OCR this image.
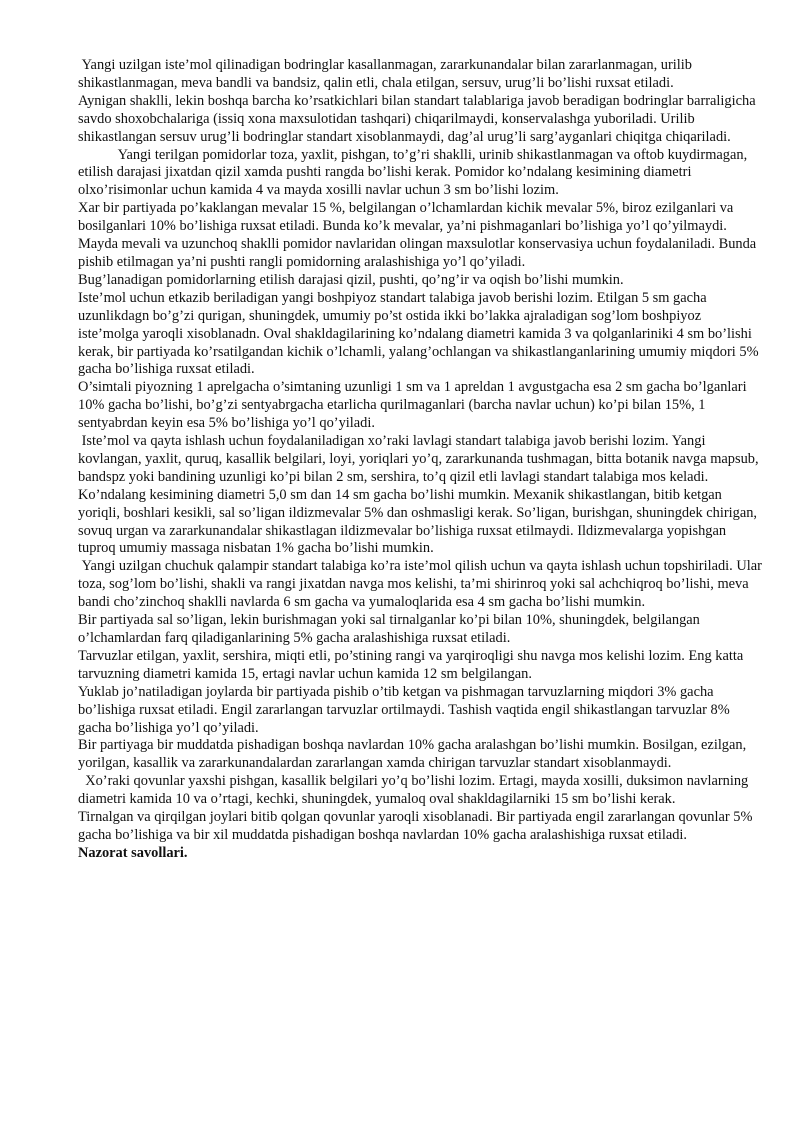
Yangi uzilgan iste’mol qilinadigan bodringlar kasallanmagan, zararkunandalar bilan zararlanmagan, urilib shikastlanmagan, meva bandli va bandsiz, qalin etli, chala etilgan, sersuv, urug’li bo’lishi ruxsat etiladi.

Aynigan shaklli, lekin boshqa barcha ko’rsatkichlari bilan standart talablariga javob beradigan bodringlar barraligicha savdo shoxobchalariga (issiq xona maxsulotidan tashqari) chiqarilmaydi, konservalashga yuboriladi. Urilib shikastlangan sersuv urug’li bodringlar standart xisoblanmaydi, dag’al urug’li sarg’ayganlari chiqitga chiqariladi.

Yangi terilgan pomidorlar toza, yaxlit, pishgan, to’g’ri shaklli, urinib shikastlanmagan va oftob kuydirmagan, etilish darajasi jixatdan qizil xamda pushti rangda bo’lishi kerak. Pomidor ko’ndalang kesimining diametri olxo’risimonlar uchun kamida 4 va mayda xosilli navlar uchun 3 sm bo’lishi lozim.

Xar bir partiyada po’kaklangan mevalar 15 %, belgilangan o’lchamlardan kichik mevalar 5%, biroz ezilganlari va bosilganlari 10% bo’lishiga ruxsat etiladi. Bunda ko’k mevalar, ya’ni pishmaganlari bo’lishiga yo’l qo’yilmaydi.

Mayda mevali va uzunchoq shaklli pomidor navlaridan olingan maxsulotlar konservasiya uchun foydalaniladi. Bunda pishib etilmagan ya’ni pushti rangli pomidorning aralashishiga yo’l qo’yiladi.

Bug’lanadigan pomidorlarning etilish darajasi qizil, pushti, qo’ng’ir va oqish bo’lishi mumkin.

Iste’mol uchun etkazib beriladigan yangi boshpiyoz standart talabiga javob berishi lozim. Etilgan 5 sm gacha uzunlikdagn bo’g’zi qurigan, shuningdek, umumiy po’st ostida ikki bo’lakka ajraladigan sog’lom boshpiyoz iste’molga yaroqli xisoblanadn. Oval shakldagilarining ko’ndalang diametri kamida 3 va qolganlariniki 4 sm bo’lishi kerak, bir partiyada ko’rsatilgandan kichik o’lchamli, yalang’ochlangan va shikastlanganlarining umumiy miqdori 5% gacha bo’lishiga ruxsat etiladi.

O’simtali piyozning 1 aprelgacha o’simtaning uzunligi 1 sm va 1 apreldan 1 avgustgacha esa 2 sm gacha bo’lganlari 10% gacha bo’lishi, bo’g’zi sentyabrgacha etarlicha qurilmaganlari (barcha navlar uchun) ko’pi bilan 15%, 1 sentyabrdan keyin esa 5% bo’lishiga yo’l qo’yiladi.

Iste’mol va qayta ishlash uchun foydalaniladigan xo’raki lavlagi standart talabiga javob berishi lozim. Yangi kovlangan, yaxlit, quruq, kasallik belgilari, loyi, yoriqlari yo’q, zararkunanda tushmagan, bitta botanik navga mapsub, bandspz yoki bandining uzunligi ko’pi bilan 2 sm, sershira, to’q qizil etli lavlagi standart talabiga mos keladi.

Ko’ndalang kesimining diametri 5,0 sm dan 14 sm gacha bo’lishi mumkin. Mexanik shikastlangan, bitib ketgan yoriqli, boshlari kesikli, sal so’ligan ildizmevalar 5% dan oshmasligi kerak. So’ligan, burishgan, shuningdek chirigan, sovuq urgan va zararkunandalar shikastlagan ildizmevalar bo’lishiga ruxsat etilmaydi. Ildizmevalarga yopishgan tuproq umumiy massaga nisbatan 1% gacha bo’lishi mumkin.

Yangi uzilgan chuchuk qalampir standart talabiga ko’ra iste’mol qilish uchun va qayta ishlash uchun topshiriladi. Ular toza, sog’lom bo’lishi, shakli va rangi jixatdan navga mos kelishi, ta’mi shirinroq yoki sal achchiqroq bo’lishi, meva bandi cho’zinchoq shaklli navlarda 6 sm gacha va yumaloqlarida esa 4 sm gacha bo’lishi mumkin.

Bir partiyada sal so’ligan, lekin burishmagan yoki sal tirnalganlar ko’pi bilan 10%, shuningdek, belgilangan o’lchamlardan farq qiladiganlarining 5% gacha aralashishiga ruxsat etiladi.

Tarvuzlar etilgan, yaxlit, sershira, miqti etli, po’stining rangi va yarqiroqligi shu navga mos kelishi lozim. Eng katta tarvuzning diametri kamida 15, ertagi navlar uchun kamida 12 sm belgilangan.

Yuklab jo’natiladigan joylarda bir partiyada pishib o’tib ketgan va pishmagan tarvuzlarning miqdori 3% gacha bo’lishiga ruxsat etiladi. Engil zararlangan tarvuzlar ortilmaydi. Tashish vaqtida engil shikastlangan tarvuzlar 8% gacha bo’lishiga yo’l qo’yiladi.

Bir partiyaga bir muddatda pishadigan boshqa navlardan 10% gacha aralashgan bo’lishi mumkin. Bosilgan, ezilgan, yorilgan, kasallik va zararkunandalardan zararlangan xamda chirigan tarvuzlar standart xisoblanmaydi.

Xo’raki qovunlar yaxshi pishgan, kasallik belgilari yo’q bo’lishi lozim. Ertagi, mayda xosilli, duksimon navlarning diametri kamida 10 va o’rtagi, kechki, shuningdek, yumaloq oval shakldagilarniki 15 sm bo’lishi kerak.

Tirnalgan va qirqilgan joylari bitib qolgan qovunlar yaroqli xisoblanadi. Bir partiyada engil zararlangan qovunlar 5% gacha bo’lishiga va bir xil muddatda pishadigan boshqa navlardan 10% gacha aralashishiga ruxsat etiladi.

Nazorat savollari.
